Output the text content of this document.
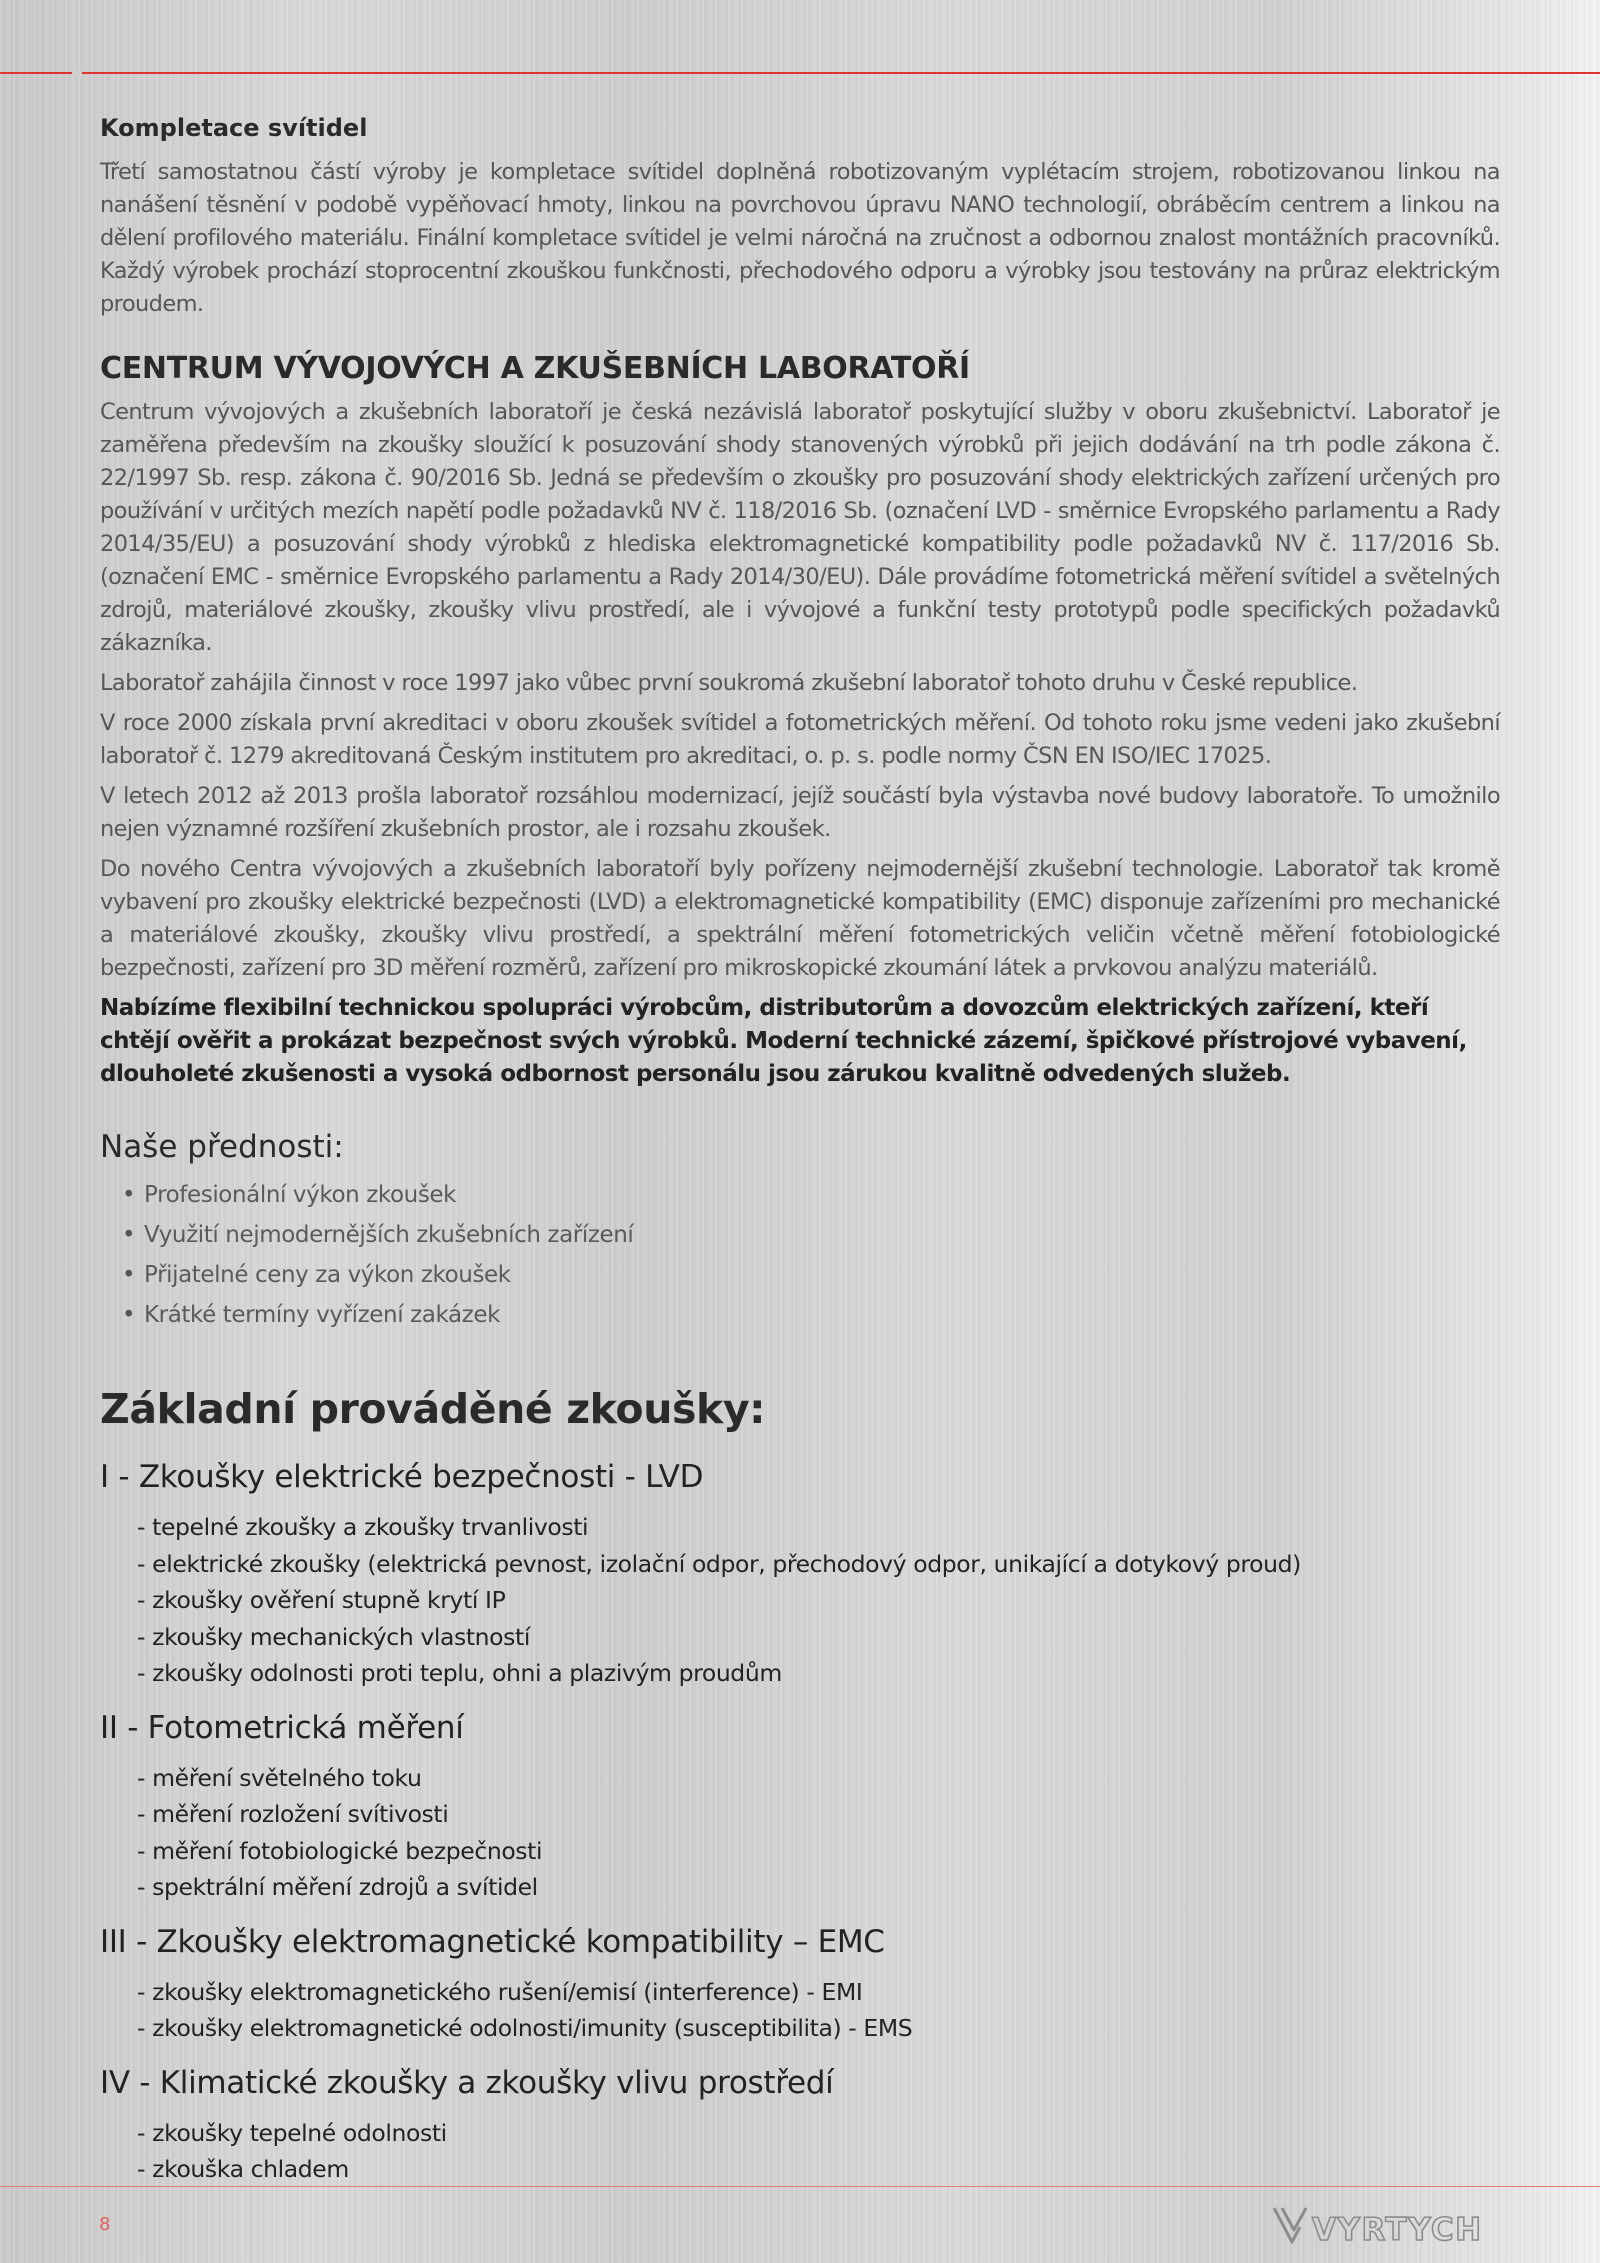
Kompletace svítidel

Třetí samostatnou částí výroby je kompletace svítidel doplněná robotizovaným vyplétacím strojem, robotizovanou linkou na nanášení těsnění v podobě vypěňovací hmoty, linkou na povrchovou úpravu NANO technologií, obráběcím centrem a linkou na dělení profilového materiálu. Finální kompletace svítidel je velmi náročná na zručnost a odbornou znalost montážních pracovníků. Každý výrobek prochází stoprocentní zkouškou funkčnosti, přechodového odporu a výrobky jsou testovány na průraz elektrickým proudem.

CENTRUM VÝVOJOVÝCH A ZKUŠEBNÍCH LABORATOŘÍ

Centrum vývojových a zkušebních laboratoří je česká nezávislá laboratoř poskytující služby v oboru zkušebnictví. Laboratoř je zaměřena především na zkoušky sloužící k posuzování shody stanovených výrobků při jejich dodávání na trh podle zákona č. 22/1997 Sb. resp. zákona č. 90/2016 Sb. Jedná se především o zkoušky pro posuzování shody elektrických zařízení určených pro používání v určitých mezích napětí podle požadavků NV č. 118/2016 Sb. (označení LVD - směrnice Evropského parlamentu a Rady 2014/35/EU) a posuzování shody výrobků z hlediska elektromagnetické kompatibility podle požadavků NV č. 117/2016 Sb. (označení EMC - směrnice Evropského parlamentu a Rady 2014/30/EU). Dále provádíme fotometrická měření svítidel a světelných zdrojů, materiálové zkoušky, zkoušky vlivu prostředí, ale i vývojové a funkční testy prototypů podle specifických požadavků zákazníka.

Laboratoř zahájila činnost v roce 1997 jako vůbec první soukromá zkušební laboratoř tohoto druhu v České republice.

V roce 2000 získala první akreditaci v oboru zkoušek svítidel a fotometrických měření. Od tohoto roku jsme vedeni jako zkušební laboratoř č. 1279 akreditovaná Českým institutem pro akreditaci, o. p. s. podle normy ČSN EN ISO/IEC 17025.

V letech 2012 až 2013 prošla laboratoř rozsáhlou modernizací, jejíž součástí byla výstavba nové budovy laboratoře. To umožnilo nejen významné rozšíření zkušebních prostor, ale i rozsahu zkoušek.

Do nového Centra vývojových a zkušebních laboratoří byly pořízeny nejmodernější zkušební technologie. Laboratoř tak kromě vybavení pro zkoušky elektrické bezpečnosti (LVD) a elektromagnetické kompatibility (EMC) disponuje zařízeními pro mechanické a materiálové zkoušky, zkoušky vlivu prostředí, a spektrální měření fotometrických veličin včetně měření fotobiologické bezpečnosti, zařízení pro 3D měření rozměrů, zařízení pro mikroskopické zkoumání látek a prvkovou analýzu materiálů.

Nabízíme flexibilní technickou spolupráci výrobcům, distributorům a dovozcům elektrických zařízení, kteří chtějí ověřit a prokázat bezpečnost svých výrobků. Moderní technické zázemí, špičkové přístrojové vybavení, dlouholeté zkušenosti a vysoká odbornost personálu jsou zárukou kvalitně odvedených služeb.

Naše přednosti:
• Profesionální výkon zkoušek
• Využití nejmodernějších zkušebních zařízení
• Přijatelné ceny za výkon zkoušek
• Krátké termíny vyřízení zakázek
Základní prováděné zkoušky:
I - Zkoušky elektrické bezpečnosti - LVD
- tepelné zkoušky a zkoušky trvanlivosti
- elektrické zkoušky (elektrická pevnost, izolační odpor, přechodový odpor, unikající a dotykový proud)
- zkoušky ověření stupně krytí IP
- zkoušky mechanických vlastností
- zkoušky odolnosti proti teplu, ohni a plazivým proudům
II - Fotometrická měření
- měření světelného toku
- měření rozložení svítivosti
- měření fotobiologické bezpečnosti
- spektrální měření zdrojů a svítidel
III - Zkoušky elektromagnetické kompatibility – EMC
- zkoušky elektromagnetického rušení/emisí (interference) - EMI
- zkoušky elektromagnetické odolnosti/imunity (susceptibilita) - EMS
IV - Klimatické zkoušky a zkoušky vlivu prostředí
- zkoušky tepelné odolnosti
- zkouška chladem
8	VYRTYCH
